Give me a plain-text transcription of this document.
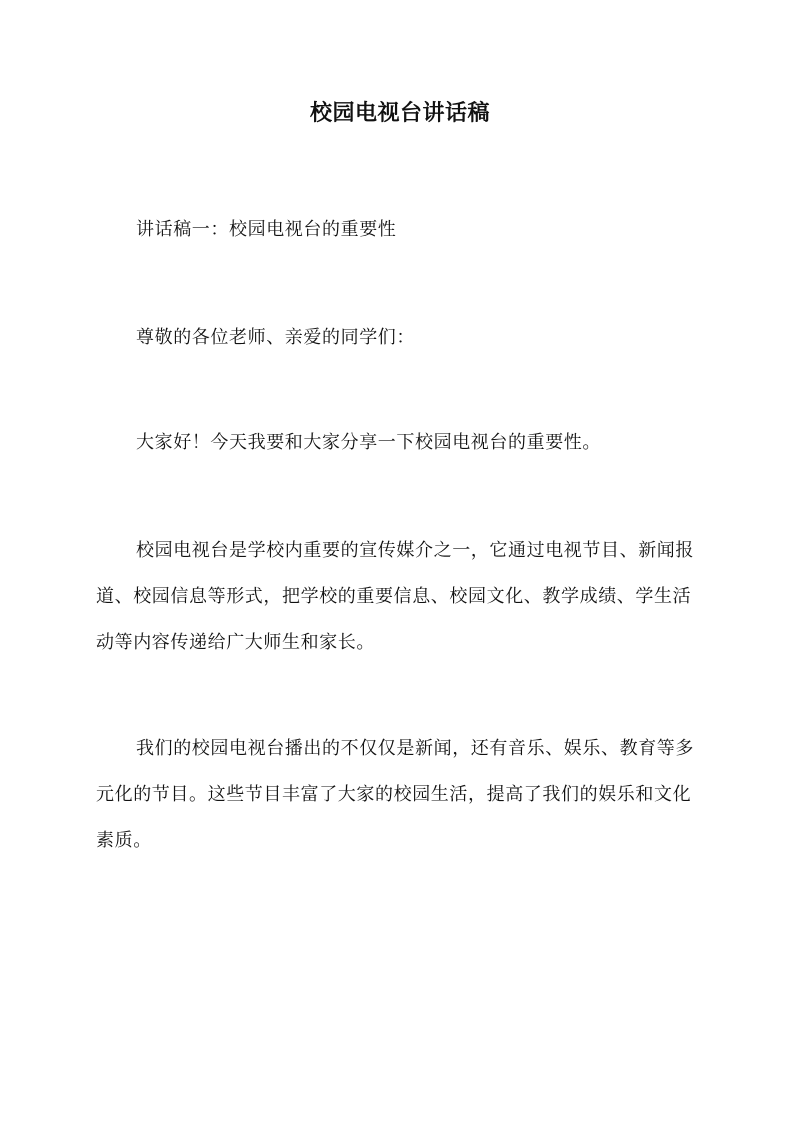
校园电视台讲话稿

讲话稿一：校园电视台的重要性

尊敬的各位老师、亲爱的同学们：

大家好！今天我要和大家分享一下校园电视台的重要性。

校园电视台是学校内重要的宣传媒介之一，它通过电视节目、新闻报道、校园信息等形式，把学校的重要信息、校园文化、教学成绩、学生活动等内容传递给广大师生和家长。

我们的校园电视台播出的不仅仅是新闻，还有音乐、娱乐、教育等多元化的节目。这些节目丰富了大家的校园生活，提高了我们的娱乐和文化素质。
